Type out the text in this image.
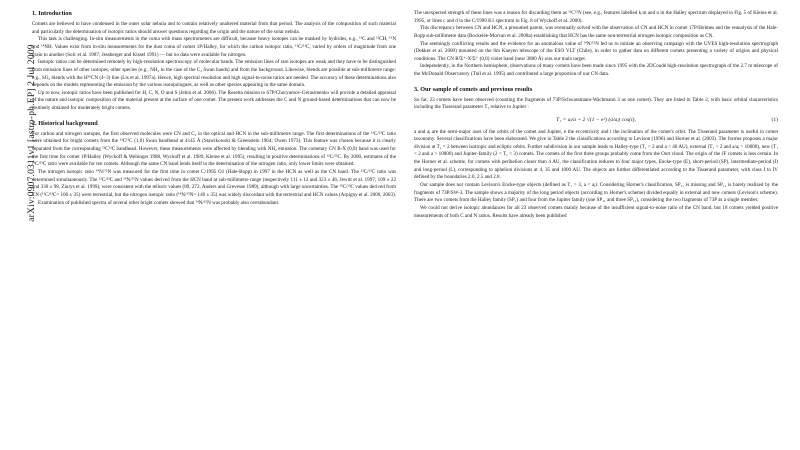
arXiv:0907.0311v1 [astro-ph.EP] 2 Jul 2009
1. Introduction

Comets are believed to have condensed in the outer solar nebula and to contain relatively unaltered material from that period. The analysis of the composition of such material and particularly the determination of isotopic ratios should answer questions regarding the origin and the nature of the solar nebula.

This task is challenging. In-situ measurements in the coma with mass spectrometers are difficult, because heavy isotopes can be masked by hydrides, e.g., ¹³C and ¹²CH, ¹⁵N and ¹⁴NH. Values exist from in-situ measurements for the dust coma of comet 1P/Halley, for which the carbon isotopic ratio, ¹²C/¹³C, varied by orders of magnitude from one grain to another (Solc et al. 1987; Jessberger and Kissel 1991) — but no data were available for nitrogen.

Isotopic ratios can be determined remotely by high-resolution spectroscopy of molecular bands. The emission lines of rare isotopes are weak and they have to be distinguished from emission lines of other isotopes, other species (e.g., NH₂ in the case of the C₂ Swan bands) and from the background. Likewise, blends are possible at sub-millimetre range: e.g., SO₂ blends with the H³⁵CN (4–3) line (Lis et al. 1997a). Hence, high spectral resolution and high signal-to-noise ratios are needed. The accuracy of these determinations also depends on the models representing the emission by the various isotopologues, as well as other species appearing in the same domain.

Up to now, isotopic ratios have been published for H, C, N, O and S (Jehin et al. 2006). The Rosetta mission to 67P/Churyumov-Gerasimenko will provide a detailed appraisal of the nature and isotopic composition of the material present at the surface of one comet. The present work addresses the C and N ground-based determinations that can now be routinely obtained for moderately bright comets.

2. Historical background

For carbon and nitrogen isotopes, the first observed molecules were CN and C₂ in the optical and HCN in the sub-millimetre range. The first determinations of the ¹²C/¹³C ratio were obtained for bright comets from the ¹³C¹²C (1,0) Swan bandhead at 4145 Å (Stawikowski & Greenstein 1964; Owen 1973). This feature was chosen because it is clearly separated from the corresponding ¹²C¹²C bandhead. However, these measurements were affected by blending with NH₂ emission. The cometary CN B-X (0,0) band was used for the first time for comet 1P/Halley (Wyckoff & Wehinger 1988, Wyckoff et al. 1989, Kleine et al. 1995), resulting in positive determinations of ¹²C/¹³C. By 2000, estimates of the ¹²C/¹³C ratio were available for ten comets. Although the same CN band lends itself to the determination of the nitrogen ratio, only lower limits were obtained.

The nitrogen isotopic ratio ¹⁴N/¹⁵N was measured for the first time in comet C/1995 O1 (Hale-Bopp) in 1997 in the HCN as well as the CN band. The ¹²C/¹³C ratio was determined simultaneously. The ¹²C/¹³C and ¹⁴N/¹⁵N values derived from the HCN band at sub-millimetre range (respectively 111 ± 12 and 323 ± 46, Jewitt et al. 1997; 109 ± 22 and 330 ± 98, Ziurys et al. 1999), were consistent with the telluric values (89, 272, Anders and Grevesse 1989), although with large uncertainties. The ¹²C/¹³C values derived from CN (¹²C/¹³C= 100 ± 35) were terrestrial, but the nitrogen isotopic ratio (¹⁴N/¹⁵N= 140 ± 35) was widely discordant with the terrestrial and HCN values (Arpigny et al. 2000, 2003).

Examination of published spectra of several other bright comets showed that ¹⁴N/¹⁵N was probably also overabundant.

The unexpected strength of these lines was a reason for discarding them as ¹²C¹⁵N (see, e.g., features labelled k,m and o in the Halley spectrum displayed in Fig. 5 of Kleine et al. 1995, or lines c and d in the C/1990 K1 spectrum in Fig. 8 of Wyckoff et al. 2000).

This discrepancy between CN and HCN, a presumed parent, was eventually solved with the observation of CN and HCN in comet 17P/Holmes and the reanalysis of the Hale-Bopp sub-millimetre data (Bockelée-Morvan et al. 2008a) establishing that HCN has the same non-terrestrial nitrogen isotopic composition as CN.

The seemingly conflicting results and the evidence for an anomalous value of ¹⁴N/¹⁵N led us to initiate an observing campaign with the UVES high-resolution spectrograph (Dekker et al. 2000) mounted on the 8m Kueyen telescope of the ESO VLT (Chile), in order to gather data on different comets presenting a variety of origins and physical conditions. The CN R²Σ⁺-X²Σ⁺ (0,0) violet band (near 3880 Å) was our main target.

Independently, in the Northern hemisphere, observations of many comets have been made since 1995 with the 2DCoudé high-resolution spectrograph of the 2.7 m telescope of the McDonald Observatory (Tull et al. 1995) and contributed a large proportion of our CN data.

3. Our sample of comets and previous results

So far, 23 comets have been observed (counting the fragments of 73P/Schwassmann-Wachmann 3 as one comet). They are listed in Table 2, with basic orbital characteristics including the Tisserand parameter T₁ relative to Jupiter :

T₁ = aⱼ/a + 2 √(1 − e²) (a/aⱼ) cos(i),	(1)

a and aⱼ are the semi-major axes of the orbits of the comet and Jupiter, e the eccentricity and i the inclination of the comet's orbit. The Tisserand parameter is useful in comet taxonomy. Several classifications have been elaborated. We give in Table 2 the classifications according to Levison (1996) and Horner et al. (2003). The former proposes a major division at T₁ = 2 between isotropic and ecliptic orbits. Further subdivision in our sample leads to Halley-type (T₁ < 2 and a < 40 AU), external (T₁ < 2 and a/aⱼ > 10000), new (T₁ < 2 and a > 10000) and Jupiter-family (2 < T₁ < 3) comets. The comets of the first three groups probably come from the Oort cloud. The origin of the JF comets is less certain. In the Horner et al. scheme, for comets with perihelion closer than 4 AU, the classification reduces to four major types, Encke-type (E), short-period (SP), intermediate-period (I) and long-period (L), corresponding to aphelion divisions at 4, 35 and 1000 AU. The objects are further differentiated according to the Tisserand parameter, with class I to IV defined by the boundaries 2.0, 2.5 and 2.8.

Our sample does not contain Levison's Encke-type objects (defined as T₁ > 3, a < aⱼ). Considering Horner's classification, SP₁₁ is missing and SP₁₁ is barely realized by the fragments of 73P/SW-3. The sample shows a majority of the long period objects (according to Horner's scheme) divided equally in external and new comets (Levison's scheme). There are two comets from the Halley family (SP₁) and four from the Jupiter family (one SP₁₁ and three SP₁₁), considering the two fragments of 73P as a single member.

We could not derive isotopic abundances for all 23 observed comets mainly because of the insufficient signal-to-noise ratio of the CN band, but 18 comets yielded positive measurements of both C and N ratios. Results have already been published
